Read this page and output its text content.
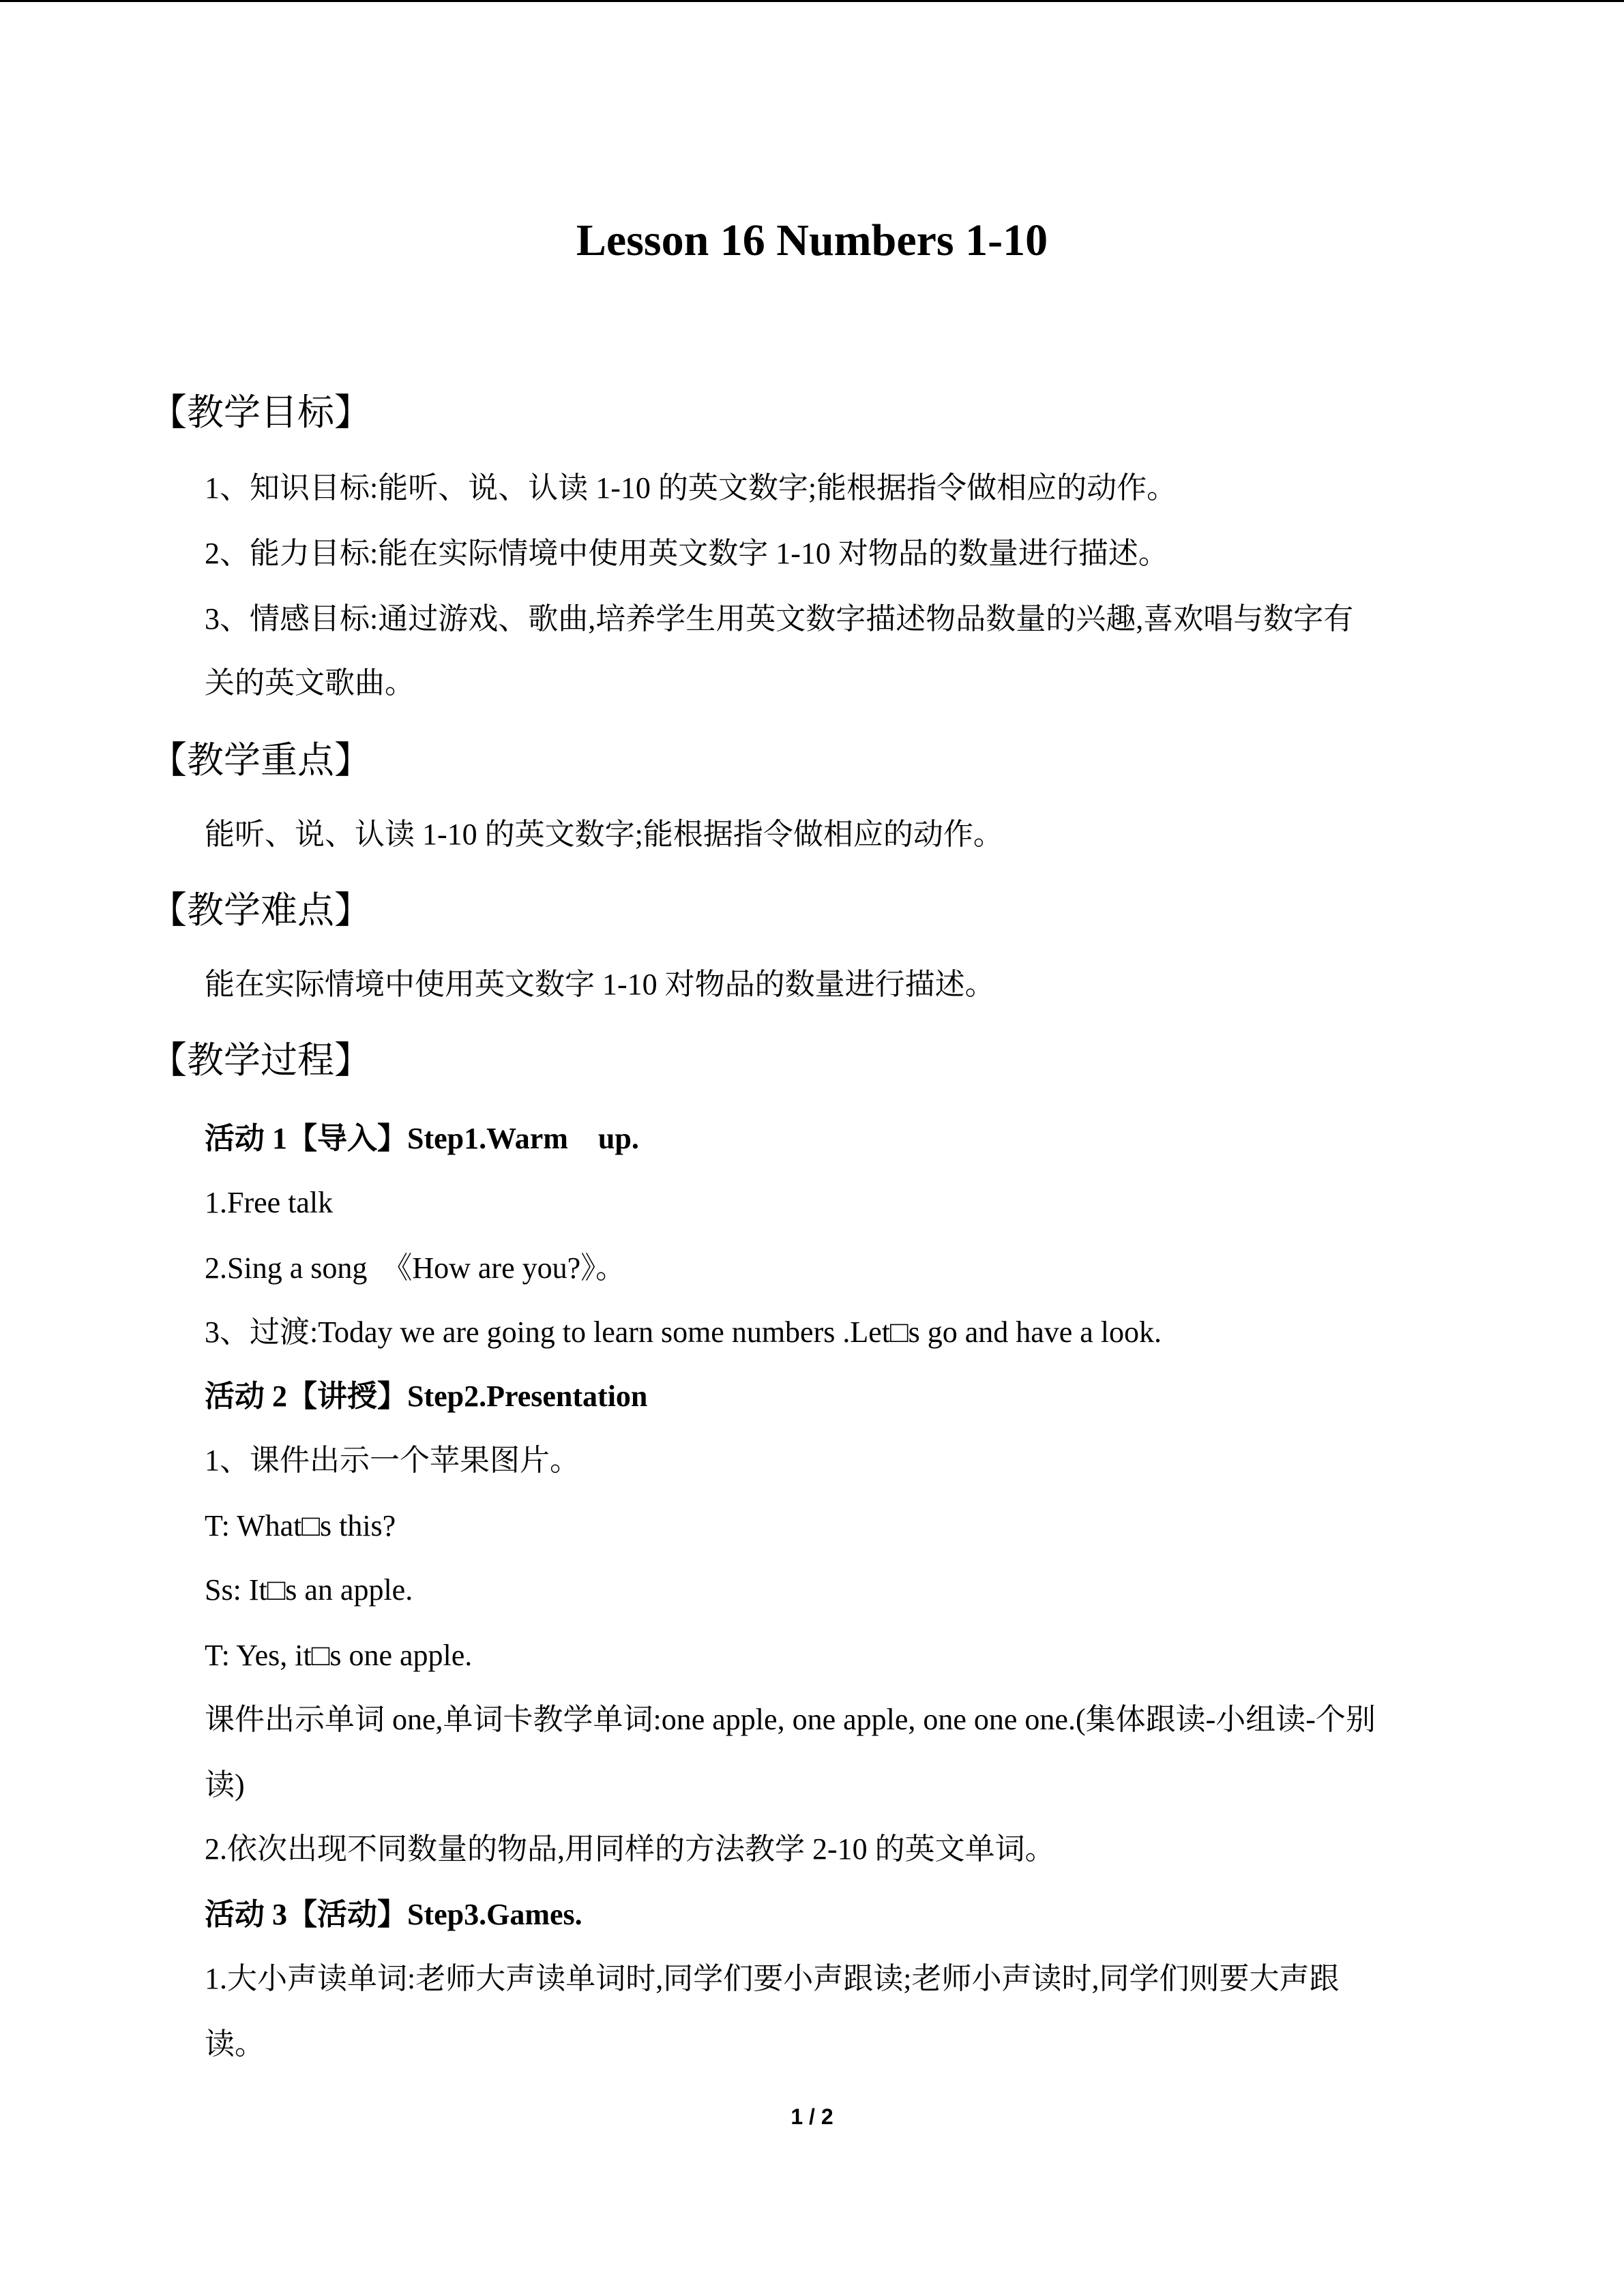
Lesson 16 Numbers 1-10
【教学目标】

1、知识目标:能听、说、认读 1-10 的英文数字;能根据指令做相应的动作。

2、能力目标:能在实际情境中使用英文数字 1-10 对物品的数量进行描述。

3、情感目标:通过游戏、歌曲,培养学生用英文数字描述物品数量的兴趣,喜欢唱与数字有

关的英文歌曲。

【教学重点】

能听、说、认读 1-10 的英文数字;能根据指令做相应的动作。

【教学难点】

能在实际情境中使用英文数字 1-10 对物品的数量进行描述。

【教学过程】

活动 1【导入】Step1.Warm　up.

1.Free talk

2.Sing a song　《How are you?》。

3、过渡:Today we are going to learn some numbers .Let□s go and have a look.

活动 2【讲授】Step2.Presentation

1、课件出示一个苹果图片。

T: What□s this?

Ss: It□s an apple.

T: Yes, it□s one apple.

课件出示单词 one,单词卡教学单词:one apple, one apple, one one one.(集体跟读-小组读-个别

读)

2.依次出现不同数量的物品,用同样的方法教学 2-10 的英文单词。

活动 3【活动】Step3.Games.

1.大小声读单词:老师大声读单词时,同学们要小声跟读;老师小声读时,同学们则要大声跟

读。

1 / 2
